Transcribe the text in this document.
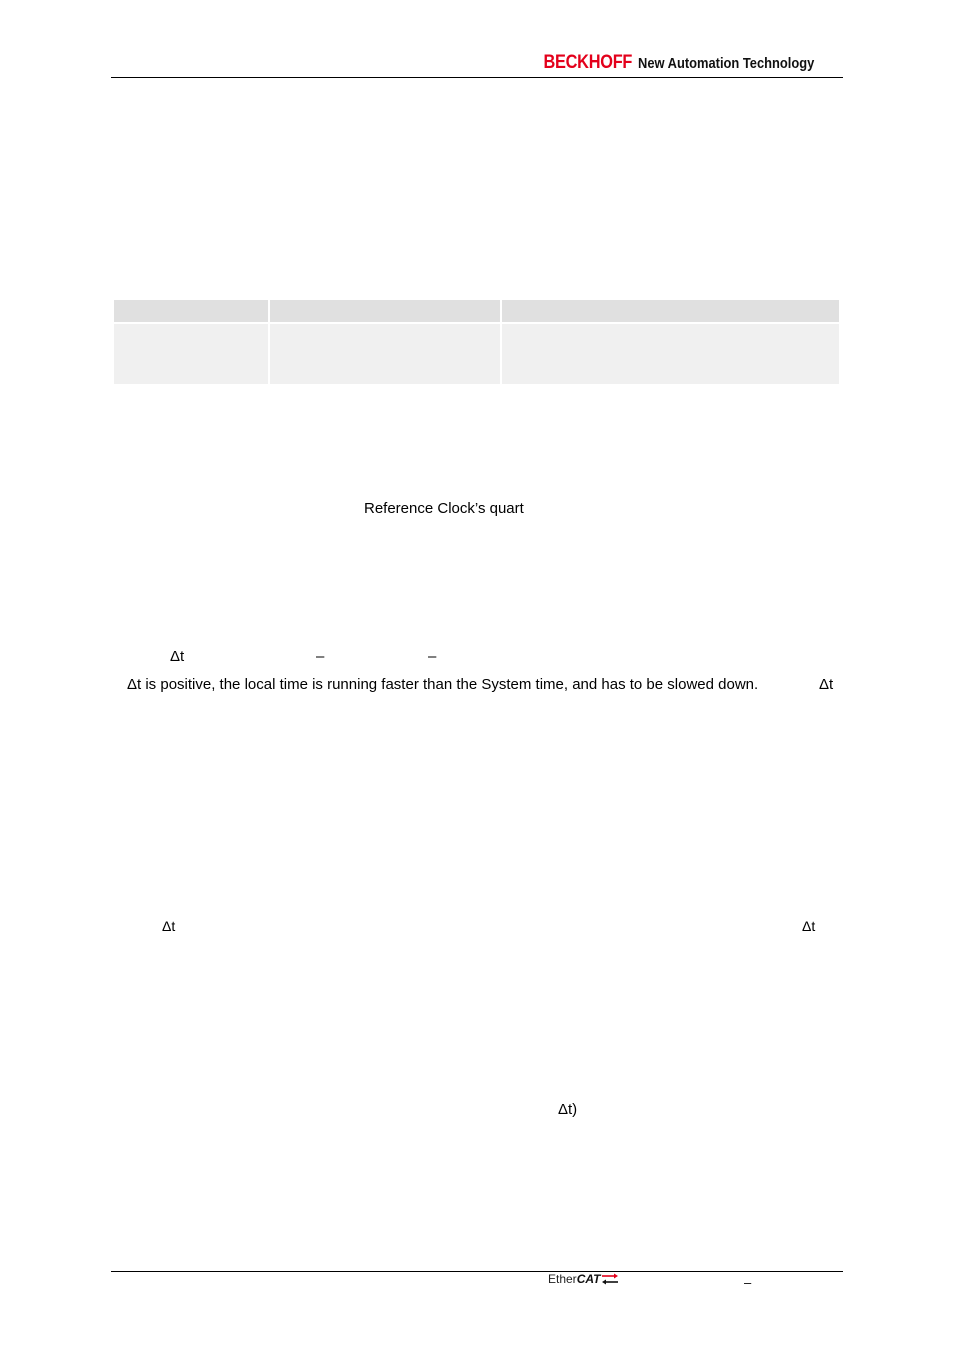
BECKHOFF New Automation Technology

Reference Clock’s quart
Δt	–	–
Δt is positive, the local time is running faster than the System time, and has to be slowed down.	Δt
Δt	Δt
Δt)
Ether CAT	–
